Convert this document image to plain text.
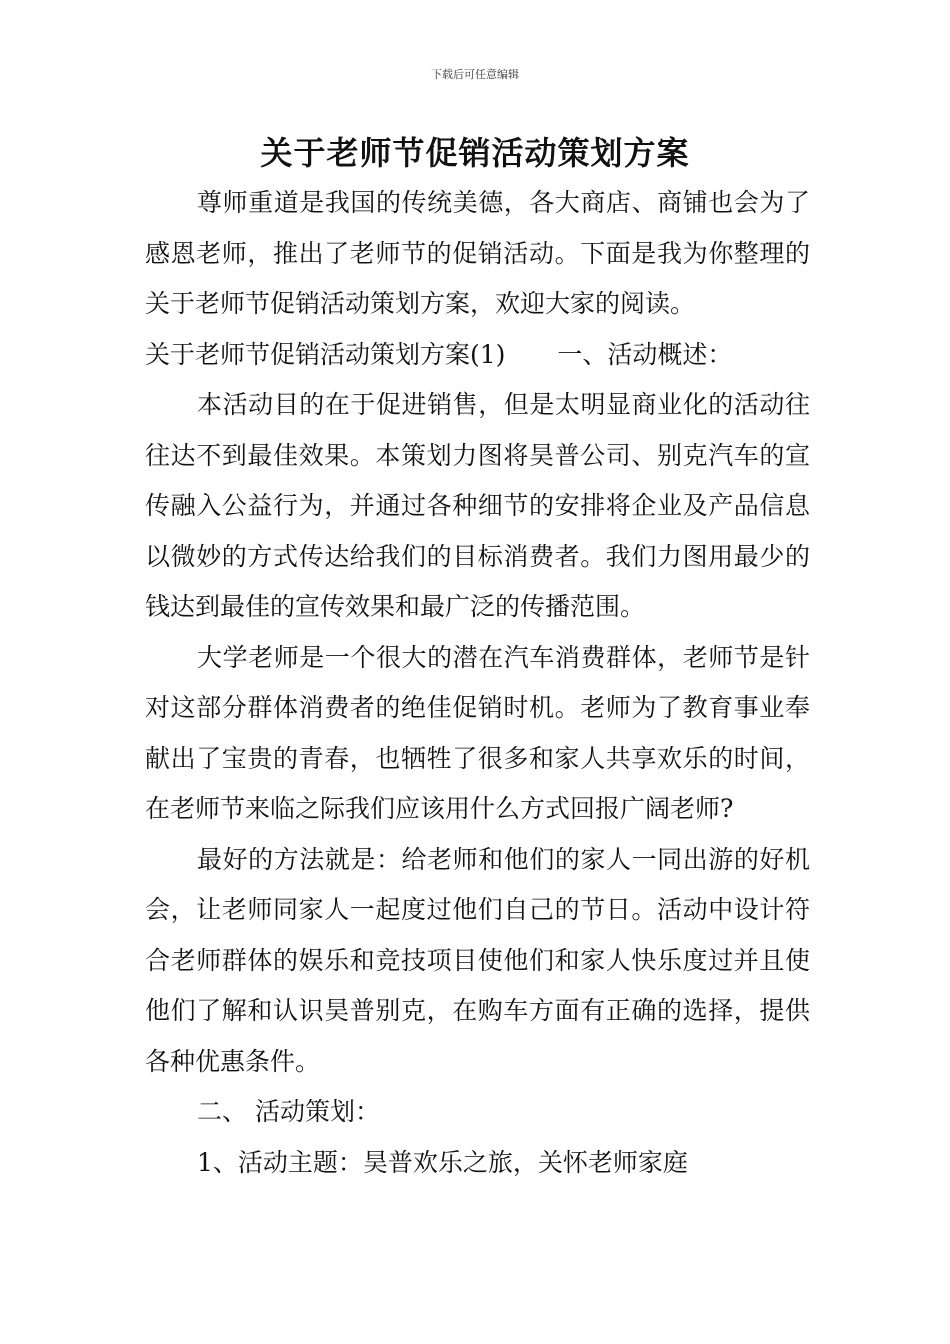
下载后可任意编辑
关于老师节促销活动策划方案

尊师重道是我国的传统美德，各大商店、商铺也会为了感恩老师，推出了老师节的促销活动。下面是我为你整理的关于老师节促销活动策划方案，欢迎大家的阅读。

关于老师节促销活动策划方案(1) 一、活动概述：

本活动目的在于促进销售，但是太明显商业化的活动往往达不到最佳效果。本策划力图将昊普公司、别克汽车的宣传融入公益行为，并通过各种细节的安排将企业及产品信息以微妙的方式传达给我们的目标消费者。我们力图用最少的钱达到最佳的宣传效果和最广泛的传播范围。

大学老师是一个很大的潜在汽车消费群体，老师节是针对这部分群体消费者的绝佳促销时机。老师为了教育事业奉献出了宝贵的青春，也牺牲了很多和家人共享欢乐的时间，在老师节来临之际我们应该用什么方式回报广阔老师?

最好的方法就是：给老师和他们的家人一同出游的好机会，让老师同家人一起度过他们自己的节日。活动中设计符合老师群体的娱乐和竞技项目使他们和家人快乐度过并且使他们了解和认识昊普别克，在购车方面有正确的选择，提供各种优惠条件。

二、 活动策划：

1、活动主题：昊普欢乐之旅，关怀老师家庭
